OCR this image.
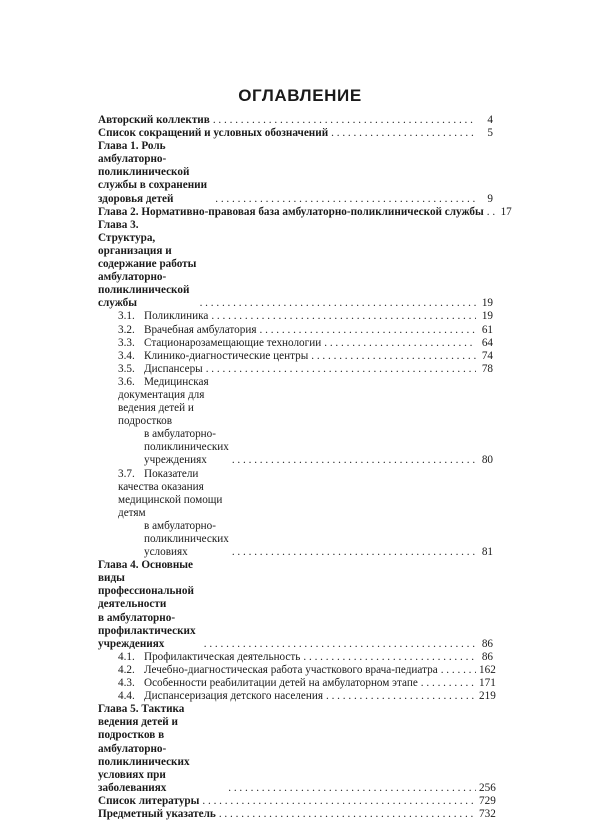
ОГЛАВЛЕНИЕ
Авторский коллектив . . .	4
Список сокращений и условных обозначений . . .	5
Глава 1. Роль амбулаторно-поликлинической службы в сохранении
здоровья детей . . .	9
Глава 2. Нормативно-правовая база амбулаторно-поликлинической службы . . . 17
Глава 3. Структура, организация и содержание работы
амбулаторно-поликлинической службы . . .	19
3.1. Поликлиника . . .	19
3.2. Врачебная амбулатория . . .	61
3.3. Стационарозамещающие технологии . . .	64
3.4. Клинико-диагностические центры . . .	74
3.5. Диспансеры . . .	78
3.6. Медицинская документация для ведения детей и подростков
в амбулаторно-поликлинических учреждениях . . .	80
3.7. Показатели качества оказания медицинской помощи детям
в амбулаторно-поликлинических условиях . . .	81
Глава 4. Основные виды профессиональной деятельности
в амбулаторно-профилактических учреждениях . . .	86
4.1. Профилактическая деятельность . . .	86
4.2. Лечебно-диагностическая работа участкового врача-педиатра . . .	162
4.3. Особенности реабилитации детей на амбулаторном этапе . . .	171
4.4. Диспансеризация детского населения . . .	219
Глава 5. Тактика ведения детей и подростков в амбулаторно-поликлинических
условиях при заболеваниях . . .	256
Список литературы . . .	729
Предметный указатель . . .	732
